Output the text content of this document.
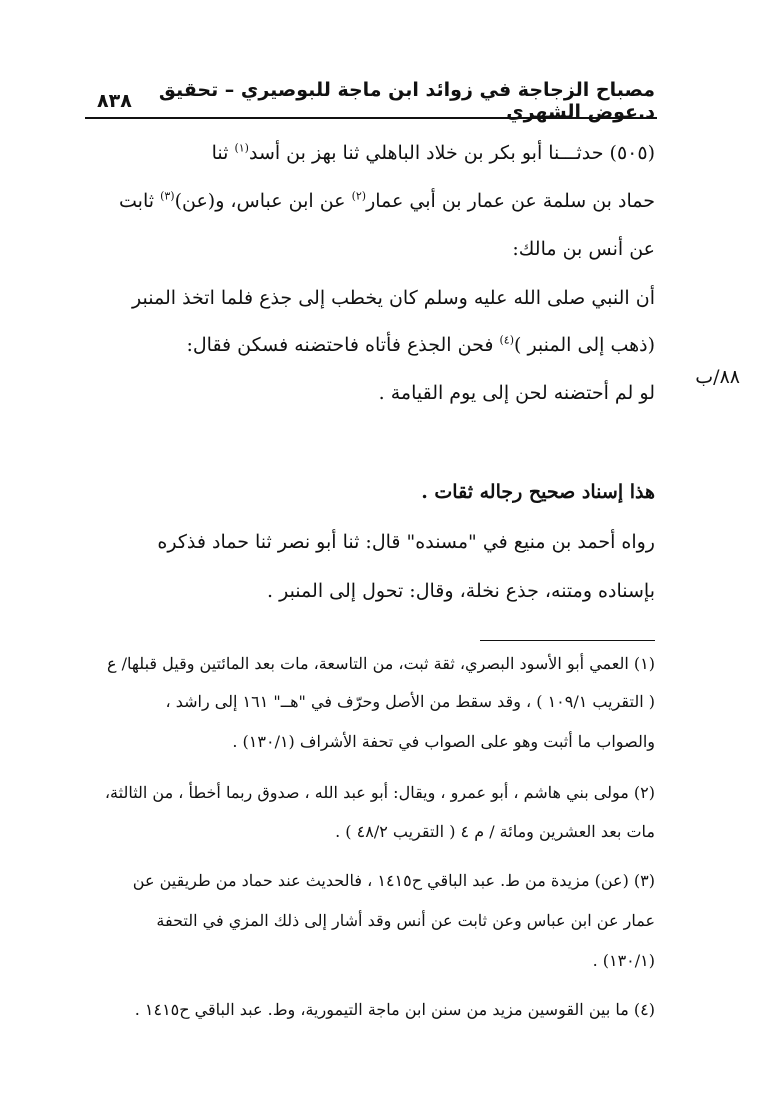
٨٣٨	مصباح الزجاجة في زوائد ابن ماجة للبوصيري – تحقيق د.عوض الشهري
٨٨/ب
(٥٠٥) حدثـــنا أبو بكر بن خلاد الباهلي ثنا بهز بن أسد$^{(١)}$ ثنا
حماد بن سلمة عن عمار بن أبي عمار$^{(٢)}$ عن ابن عباس، و(عن)$^{(٣)}$ ثابت
عن أنس بن مالك:
أن النبي صلى الله عليه وسلم كان يخطب إلى جذع فلما اتخذ المنبر
(ذهب إلى المنبر )$^{(٤)}$ فحن الجذع فأتاه فاحتضنه فسكن فقال:
لو لم أحتضنه لحن إلى يوم القيامة .
هذا إسناد صحيح رجاله ثقات .
رواه أحمد بن منيع في "مسنده" قال: ثنا أبو نصر ثنا حماد فذكره
بإسناده ومتنه، جذع نخلة، وقال: تحول إلى المنبر .
(١) العمي أبو الأسود البصري، ثقة ثبت، من التاسعة، مات بعد المائتين وقيل قبلها/ ع
( التقريب ١٠٩/١ ) ، وقد سقط من الأصل وحرّف في "هــ" ١٦١ إلى راشد ،
والصواب ما أثبت وهو على الصواب في تحفة الأشراف (١٣٠/١) .
(٢) مولى بني هاشم ، أبو عمرو ، ويقال: أبو عبد الله ، صدوق ربما أخطأ ، من الثالثة،
مات بعد العشرين ومائة / م ٤ ( التقريب ٤٨/٢ ) .
(٣) (عن) مزيدة من ط. عبد الباقي ح١٤١٥ ، فالحديث عند حماد من طريقين عن
عمار عن ابن عباس وعن ثابت عن أنس وقد أشار إلى ذلك المزي في التحفة
(١٣٠/١) .
(٤) ما بين القوسين مزيد من سنن ابن ماجة التيمورية، وط. عبد الباقي ح١٤١٥ .
